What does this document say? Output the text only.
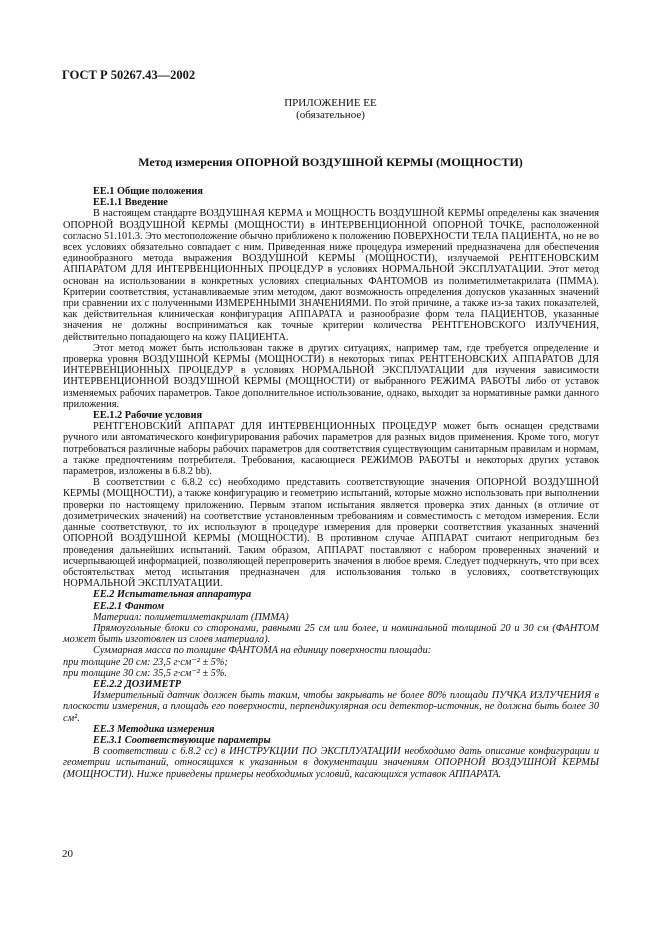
ГОСТ Р 50267.43—2002
ПРИЛОЖЕНИЕ ЕЕ
(обязательное)
Метод измерения ОПОРНОЙ ВОЗДУШНОЙ КЕРМЫ (МОЩНОСТИ)

ЕЕ.1 Общие положения

ЕЕ.1.1 Введение

В настоящем стандарте ВОЗДУШНАЯ КЕРМА и МОЩНОСТЬ ВОЗДУШНОЙ КЕРМЫ определены как значения ОПОРНОЙ ВОЗДУШНОЙ КЕРМЫ (МОЩНОСТИ) в ИНТЕРВЕНЦИОННОЙ ОПОРНОЙ ТОЧКЕ, расположенной согласно 51.101.3. Это местоположение обычно приближено к положению ПОВЕРХНОСТИ ТЕЛА ПАЦИЕНТА, но не во всех условиях обязательно совпадает с ним. Приведенная ниже процедура измерений предназначена для обеспечения единообразного метода выражения ВОЗДУШНОЙ КЕРМЫ (МОЩНОСТИ), излучаемой РЕНТГЕНОВСКИМ АППАРАТОМ ДЛЯ ИНТЕРВЕНЦИОННЫХ ПРОЦЕДУР в условиях НОРМАЛЬНОЙ ЭКСПЛУАТАЦИИ. Этот метод основан на использовании в конкретных условиях специальных ФАНТОМОВ из полиметилметакрилата (ПММА). Критерии соответствия, устанавливаемые этим методом, дают возможность определения допусков указанных значений при сравнении их с полученными ИЗМЕРЕННЫМИ ЗНАЧЕНИЯМИ. По этой причине, а также из-за таких показателей, как действительная клиническая конфигурация АППАРАТА и разнообразие форм тела ПАЦИЕНТОВ, указанные значения не должны восприниматься как точные критерии количества РЕНТГЕНОВСКОГО ИЗЛУЧЕНИЯ, действительно попадающего на кожу ПАЦИЕНТА.

Этот метод может быть использован также в других ситуациях, например там, где требуется определение и проверка уровня ВОЗДУШНОЙ КЕРМЫ (МОЩНОСТИ) в некоторых типах РЕНТГЕНОВСКИХ АППАРАТОВ ДЛЯ ИНТЕРВЕНЦИОННЫХ ПРОЦЕДУР в условиях НОРМАЛЬНОЙ ЭКСПЛУАТАЦИИ для изучения зависимости ИНТЕРВЕНЦИОННОЙ ВОЗДУШНОЙ КЕРМЫ (МОЩНОСТИ) от выбранного РЕЖИМА РАБОТЫ либо от уставок изменяемых рабочих параметров. Такое дополнительное использование, однако, выходит за нормативные рамки данного приложения.

ЕЕ.1.2 Рабочие условия

РЕНТГЕНОВСКИЙ АППАРАТ ДЛЯ ИНТЕРВЕНЦИОННЫХ ПРОЦЕДУР может быть оснащен средствами ручного или автоматического конфигурирования рабочих параметров для разных видов применения. Кроме того, могут потребоваться различные наборы рабочих параметров для соответствия существующим санитарным правилам и нормам, а также предпочтениям потребителя. Требования, касающиеся РЕЖИМОВ РАБОТЫ и некоторых других уставок параметров, изложены в 6.8.2 bb).

В соответствии с 6.8.2 сс) необходимо представить соответствующие значения ОПОРНОЙ ВОЗДУШНОЙ КЕРМЫ (МОЩНОСТИ), а также конфигурацию и геометрию испытаний, которые можно использовать при выполнении проверки по настоящему приложению. Первым этапом испытания является проверка этих данных (в отличие от дозиметрических значений) на соответствие установленным требованиям и совместимость с методом измерения. Если данные соответствуют, то их используют в процедуре измерения для проверки соответствия указанных значений ОПОРНОЙ ВОЗДУШНОЙ КЕРМЫ (МОЩНОСТИ). В противном случае АППАРАТ считают непригодным без проведения дальнейших испытаний. Таким образом, АППАРАТ поставляют с набором проверенных значений и исчерпывающей информацией, позволяющей перепроверить значения в любое время. Следует подчеркнуть, что при всех обстоятельствах метод испытания предназначен для использования только в условиях, соответствующих НОРМАЛЬНОЙ ЭКСПЛУАТАЦИИ.

ЕЕ.2 Испытательная аппаратура

ЕЕ.2.1 Фантом

Материал: полиметилметакрилат (ПММА)

Прямоугольные блоки со сторонами, равными 25 см или более, и номинальной толщиной 20 и 30 см (ФАНТОМ может быть изготовлен из слоев материала).

Суммарная масса по толщине ФАНТОМА на единицу поверхности площади:

при толщине 20 см: 23,5 г·см⁻² ± 5%;

при толщине 30 см: 35,5 г·см⁻² ± 5%.

ЕЕ.2.2 ДОЗИМЕТР

Измерительный датчик должен быть таким, чтобы закрывать не более 80% площади ПУЧКА ИЗЛУЧЕНИЯ в плоскости измерения, а площадь его поверхности, перпендикулярная оси детектор-источник, не должна быть более 30 см².

ЕЕ.3 Методика измерения

ЕЕ.3.1 Соответствующие параметры

В соответствии с 6.8.2 сс) в ИНСТРУКЦИИ ПО ЭКСПЛУАТАЦИИ необходимо дать описание конфигурации и геометрии испытаний, относящихся к указанным в документации значениям ОПОРНОЙ ВОЗДУШНОЙ КЕРМЫ (МОЩНОСТИ). Ниже приведены примеры необходимых условий, касающихся уставок АППАРАТА.

20
